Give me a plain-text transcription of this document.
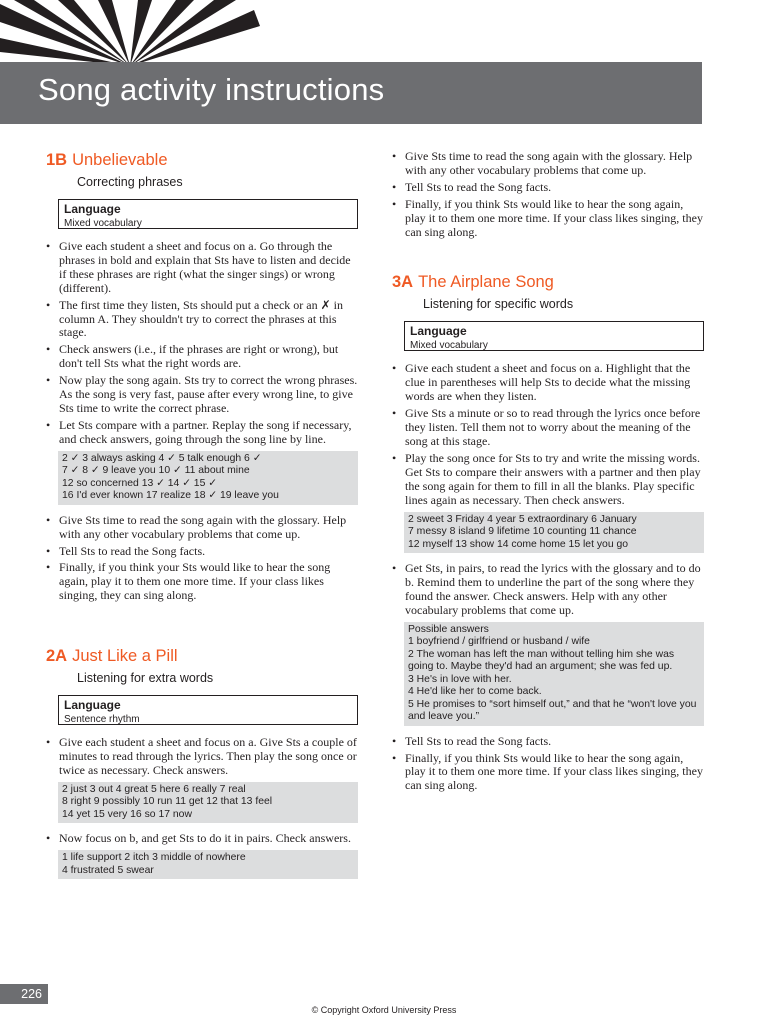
Song activity instructions
1B Unbelievable
Correcting phrases
Language
Mixed vocabulary
• Give each student a sheet and focus on a. Go through the phrases in bold and explain that Sts have to listen and decide if these phrases are right (what the singer sings) or wrong (different).
• The first time they listen, Sts should put a check or an ✗ in column A. They shouldn't try to correct the phrases at this stage.
• Check answers (i.e., if the phrases are right or wrong), but don't tell Sts what the right words are.
• Now play the song again. Sts try to correct the wrong phrases. As the song is very fast, pause after every wrong line, to give Sts time to write the correct phrase.
• Let Sts compare with a partner. Replay the song if necessary, and check answers, going through the song line by line.
2 ✓ 3 always asking 4 ✓ 5 talk enough 6 ✓
7 ✓ 8 ✓ 9 leave you 10 ✓ 11 about mine
12 so concerned 13 ✓ 14 ✓ 15 ✓
16 I'd ever known 17 realize 18 ✓ 19 leave you
• Give Sts time to read the song again with the glossary. Help with any other vocabulary problems that come up.
• Tell Sts to read the Song facts.
• Finally, if you think your Sts would like to hear the song again, play it to them one more time. If your class likes singing, they can sing along.
2A Just Like a Pill
Listening for extra words
Language
Sentence rhythm
• Give each student a sheet and focus on a. Give Sts a couple of minutes to read through the lyrics. Then play the song once or twice as necessary. Check answers.
2 just 3 out 4 great 5 here 6 really 7 real
8 right 9 possibly 10 run 11 get 12 that 13 feel
14 yet 15 very 16 so 17 now
• Now focus on b, and get Sts to do it in pairs. Check answers.
1 life support 2 itch 3 middle of nowhere
4 frustrated 5 swear
• Give Sts time to read the song again with the glossary. Help with any other vocabulary problems that come up.
• Tell Sts to read the Song facts.
• Finally, if you think Sts would like to hear the song again, play it to them one more time. If your class likes singing, they can sing along.
3A The Airplane Song
Listening for specific words
Language
Mixed vocabulary
• Give each student a sheet and focus on a. Highlight that the clue in parentheses will help Sts to decide what the missing words are when they listen.
• Give Sts a minute or so to read through the lyrics once before they listen. Tell them not to worry about the meaning of the song at this stage.
• Play the song once for Sts to try and write the missing words. Get Sts to compare their answers with a partner and then play the song again for them to fill in all the blanks. Play specific lines again as necessary. Then check answers.
2 sweet 3 Friday 4 year 5 extraordinary 6 January
7 messy 8 island 9 lifetime 10 counting 11 chance
12 myself 13 show 14 come home 15 let you go
• Get Sts, in pairs, to read the lyrics with the glossary and to do b. Remind them to underline the part of the song where they found the answer. Check answers. Help with any other vocabulary problems that come up.
Possible answers
1 boyfriend / girlfriend or husband / wife
2 The woman has left the man without telling him she was going to. Maybe they'd had an argument; she was fed up.
3 He's in love with her.
4 He'd like her to come back.
5 He promises to “sort himself out,” and that he “won't love you and leave you.”
• Tell Sts to read the Song facts.
• Finally, if you think Sts would like to hear the song again, play it to them one more time. If your class likes singing, they can sing along.
226
© Copyright Oxford University Press
